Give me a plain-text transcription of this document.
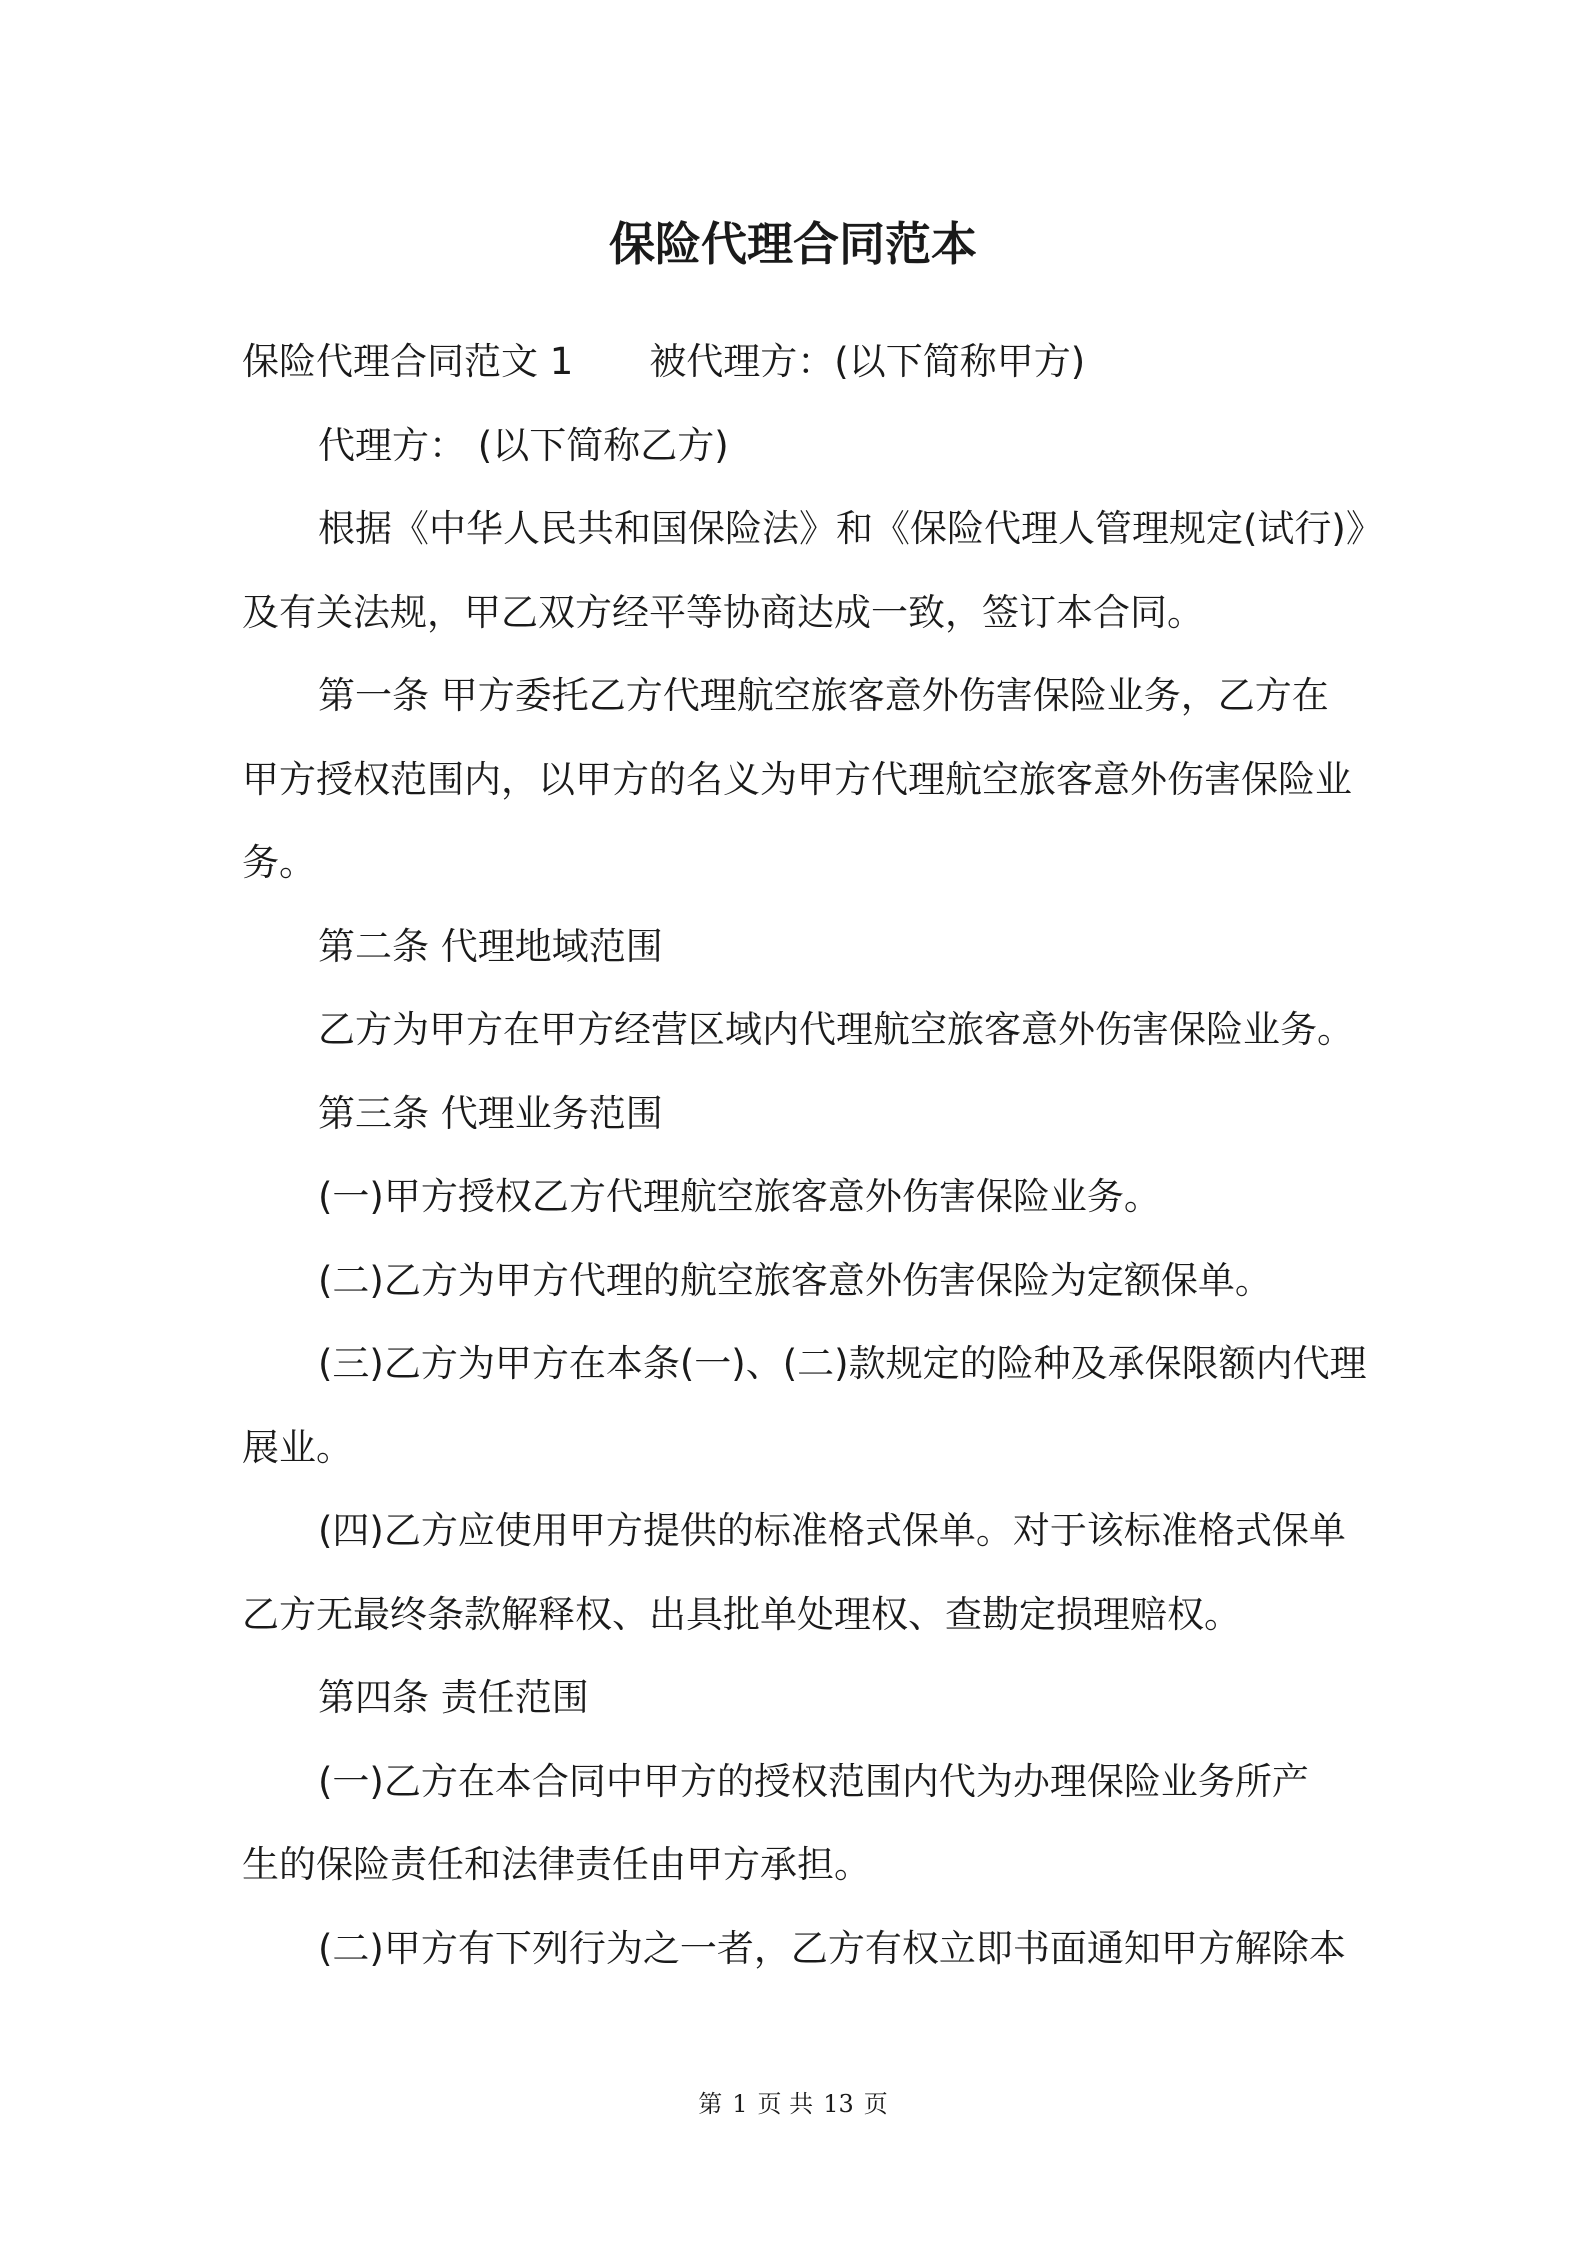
保险代理合同范本

保险代理合同范文 1 被代理方：(以下简称甲方)

代理方： (以下简称乙方)

根据《中华人民共和国保险法》和《保险代理人管理规定(试行)》

及有关法规，甲乙双方经平等协商达成一致，签订本合同。

第一条 甲方委托乙方代理航空旅客意外伤害保险业务，乙方在

甲方授权范围内，以甲方的名义为甲方代理航空旅客意外伤害保险业

务。

第二条 代理地域范围

乙方为甲方在甲方经营区域内代理航空旅客意外伤害保险业务。

第三条 代理业务范围

(一)甲方授权乙方代理航空旅客意外伤害保险业务。

(二)乙方为甲方代理的航空旅客意外伤害保险为定额保单。

(三)乙方为甲方在本条(一)、(二)款规定的险种及承保限额内代理

展业。

(四)乙方应使用甲方提供的标准格式保单。对于该标准格式保单

乙方无最终条款解释权、出具批单处理权、查勘定损理赔权。

第四条 责任范围

(一)乙方在本合同中甲方的授权范围内代为办理保险业务所产

生的保险责任和法律责任由甲方承担。

(二)甲方有下列行为之一者，乙方有权立即书面通知甲方解除本

第 1 页 共 13 页
